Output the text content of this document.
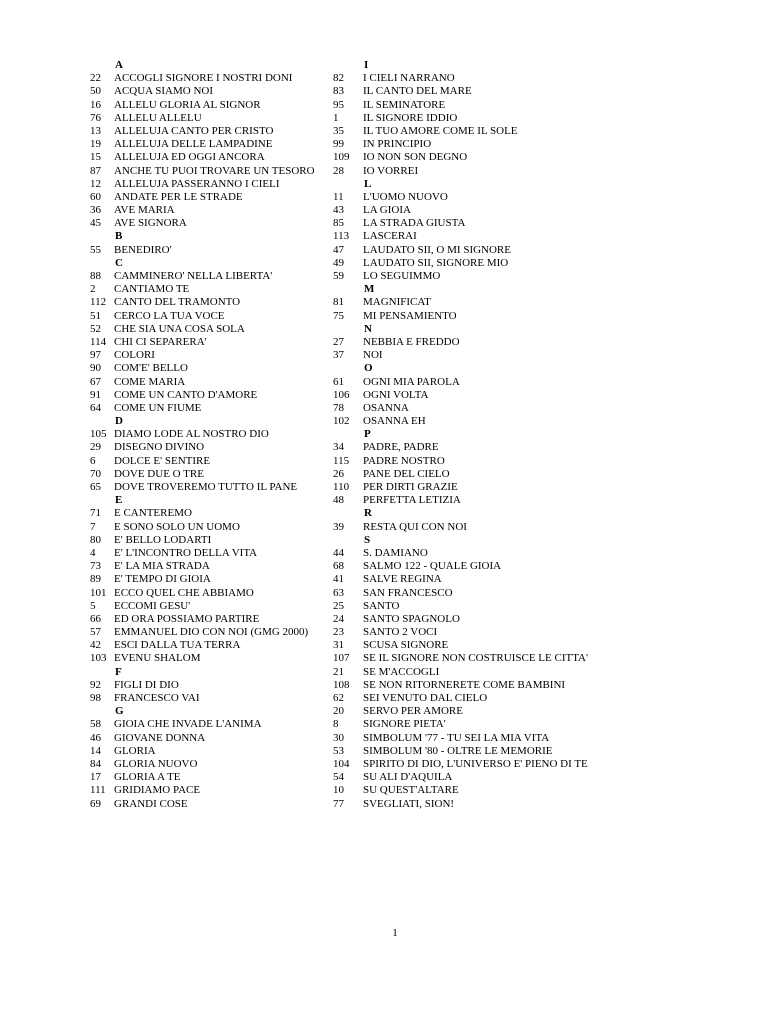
A
22 ACCOGLI SIGNORE I NOSTRI DONI
50 ACQUA SIAMO NOI
16 ALLELU GLORIA AL SIGNOR
76 ALLELU ALLELU
13 ALLELUJA CANTO PER CRISTO
19 ALLELUJA DELLE LAMPADINE
15 ALLELUJA ED OGGI ANCORA
87 ANCHE TU PUOI TROVARE UN TESORO
12 ALLELUJA PASSERANNO I CIELI
60 ANDATE PER LE STRADE
36 AVE MARIA
45 AVE SIGNORA
B
55 BENEDIRO'
C
88 CAMMINERO' NELLA LIBERTA'
2 CANTIAMO TE
112 CANTO DEL TRAMONTO
51 CERCO LA TUA VOCE
52 CHE SIA UNA COSA SOLA
114 CHI CI SEPARERA'
97 COLORI
90 COM'E' BELLO
67 COME MARIA
91 COME UN CANTO D'AMORE
64 COME UN FIUME
D
105 DIAMO LODE AL NOSTRO DIO
29 DISEGNO DIVINO
6 DOLCE E' SENTIRE
70 DOVE DUE O TRE
65 DOVE TROVEREMO TUTTO IL PANE
E
71 E CANTEREMO
7 E SONO SOLO UN UOMO
80 E' BELLO LODARTI
4 E' L'INCONTRO DELLA VITA
73 E' LA MIA STRADA
89 E' TEMPO DI GIOIA
101 ECCO QUEL CHE ABBIAMO
5 ECCOMI GESU'
66 ED ORA POSSIAMO PARTIRE
57 EMMANUEL DIO CON NOI (GMG 2000)
42 ESCI DALLA TUA TERRA
103 EVENU SHALOM
F
92 FIGLI DI DIO
98 FRANCESCO VAI
G
58 GIOIA CHE INVADE L'ANIMA
46 GIOVANE DONNA
14 GLORIA
84 GLORIA NUOVO
17 GLORIA A TE
111 GRIDIAMO PACE
69 GRANDI COSE
I
82 I CIELI NARRANO
83 IL CANTO DEL MARE
95 IL SEMINATORE
1 IL SIGNORE IDDIO
35 IL TUO AMORE COME IL SOLE
99 IN PRINCIPIO
109 IO NON SON DEGNO
28 IO VORREI
L
11 L'UOMO NUOVO
43 LA GIOIA
85 LA STRADA GIUSTA
113 LASCERAI
47 LAUDATO SII, O MI SIGNORE
49 LAUDATO SII, SIGNORE MIO
59 LO SEGUIMMO
M
81 MAGNIFICAT
75 MI PENSAMIENTO
N
27 NEBBIA E FREDDO
37 NOI
O
61 OGNI MIA PAROLA
106 OGNI VOLTA
78 OSANNA
102 OSANNA EH
P
34 PADRE, PADRE
115 PADRE NOSTRO
26 PANE DEL CIELO
110 PER DIRTI GRAZIE
48 PERFETTA LETIZIA
R
39 RESTA QUI CON NOI
S
44 S. DAMIANO
68 SALMO 122 - QUALE GIOIA
41 SALVE REGINA
63 SAN FRANCESCO
25 SANTO
24 SANTO SPAGNOLO
23 SANTO 2 VOCI
31 SCUSA SIGNORE
107 SE IL SIGNORE NON COSTRUISCE LE CITTA'
21 SE M'ACCOGLI
108 SE NON RITORNERETE COME BAMBINI
62 SEI VENUTO DAL CIELO
20 SERVO PER AMORE
8 SIGNORE PIETA'
30 SIMBOLUM '77 - TU SEI LA MIA VITA
53 SIMBOLUM '80 - OLTRE LE MEMORIE
104 SPIRITO DI DIO, L'UNIVERSO E' PIENO DI TE
54 SU ALI D'AQUILA
10 SU QUEST'ALTARE
77 SVEGLIATI, SION!
1
